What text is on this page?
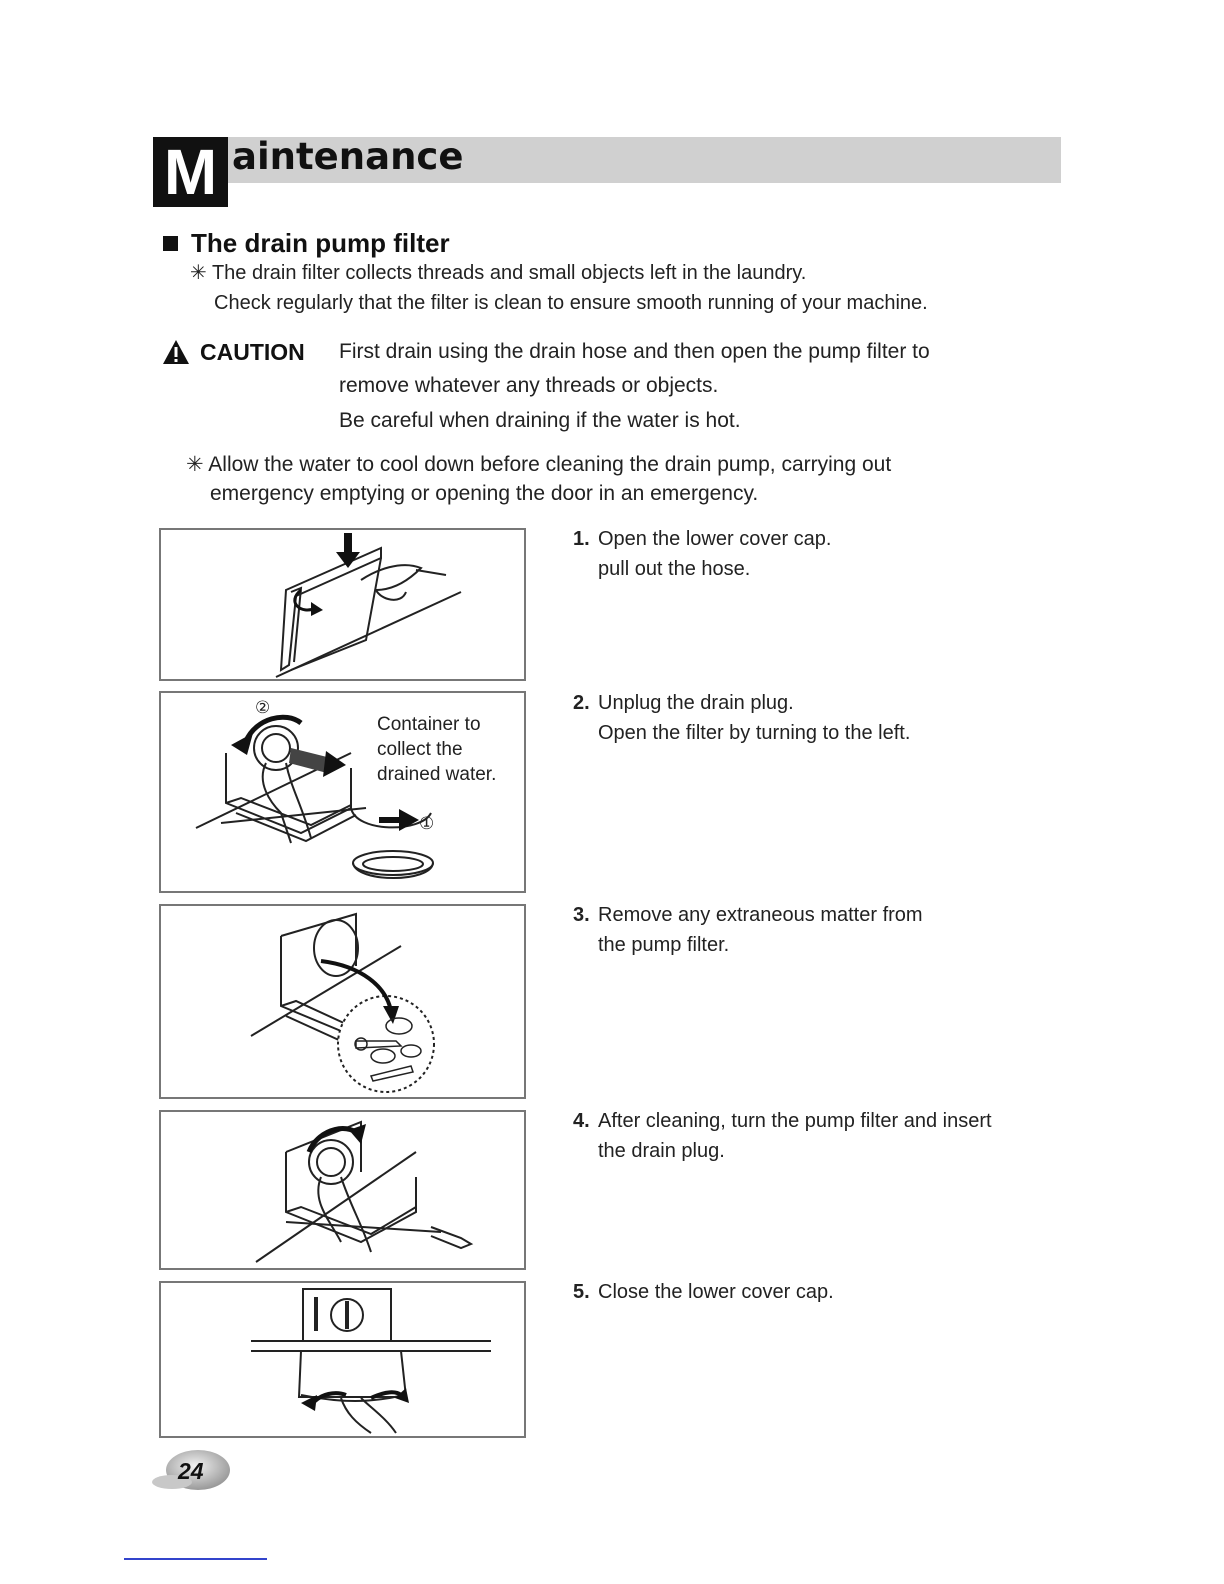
M aintenance
The drain pump filter
✳ The drain filter collects threads and small objects left in the laundry.
Check regularly that the filter is clean to ensure smooth running of your machine.
CAUTION First drain using the drain hose and then open the pump filter to
remove whatever any threads or objects.
Be careful when draining if the water is hot.
✳ Allow the water to cool down before cleaning the drain pump, carrying out
emergency emptying or opening the door in an emergency.
②
①
Container to
collect the
drained water.
1. Open the lower cover cap.
pull out the hose.
2. Unplug the drain plug.
Open the filter by turning to the left.
3. Remove any extraneous matter from
the pump filter.
4. After cleaning, turn the pump filter and insert
the drain plug.
5. Close the lower cover cap.
24
